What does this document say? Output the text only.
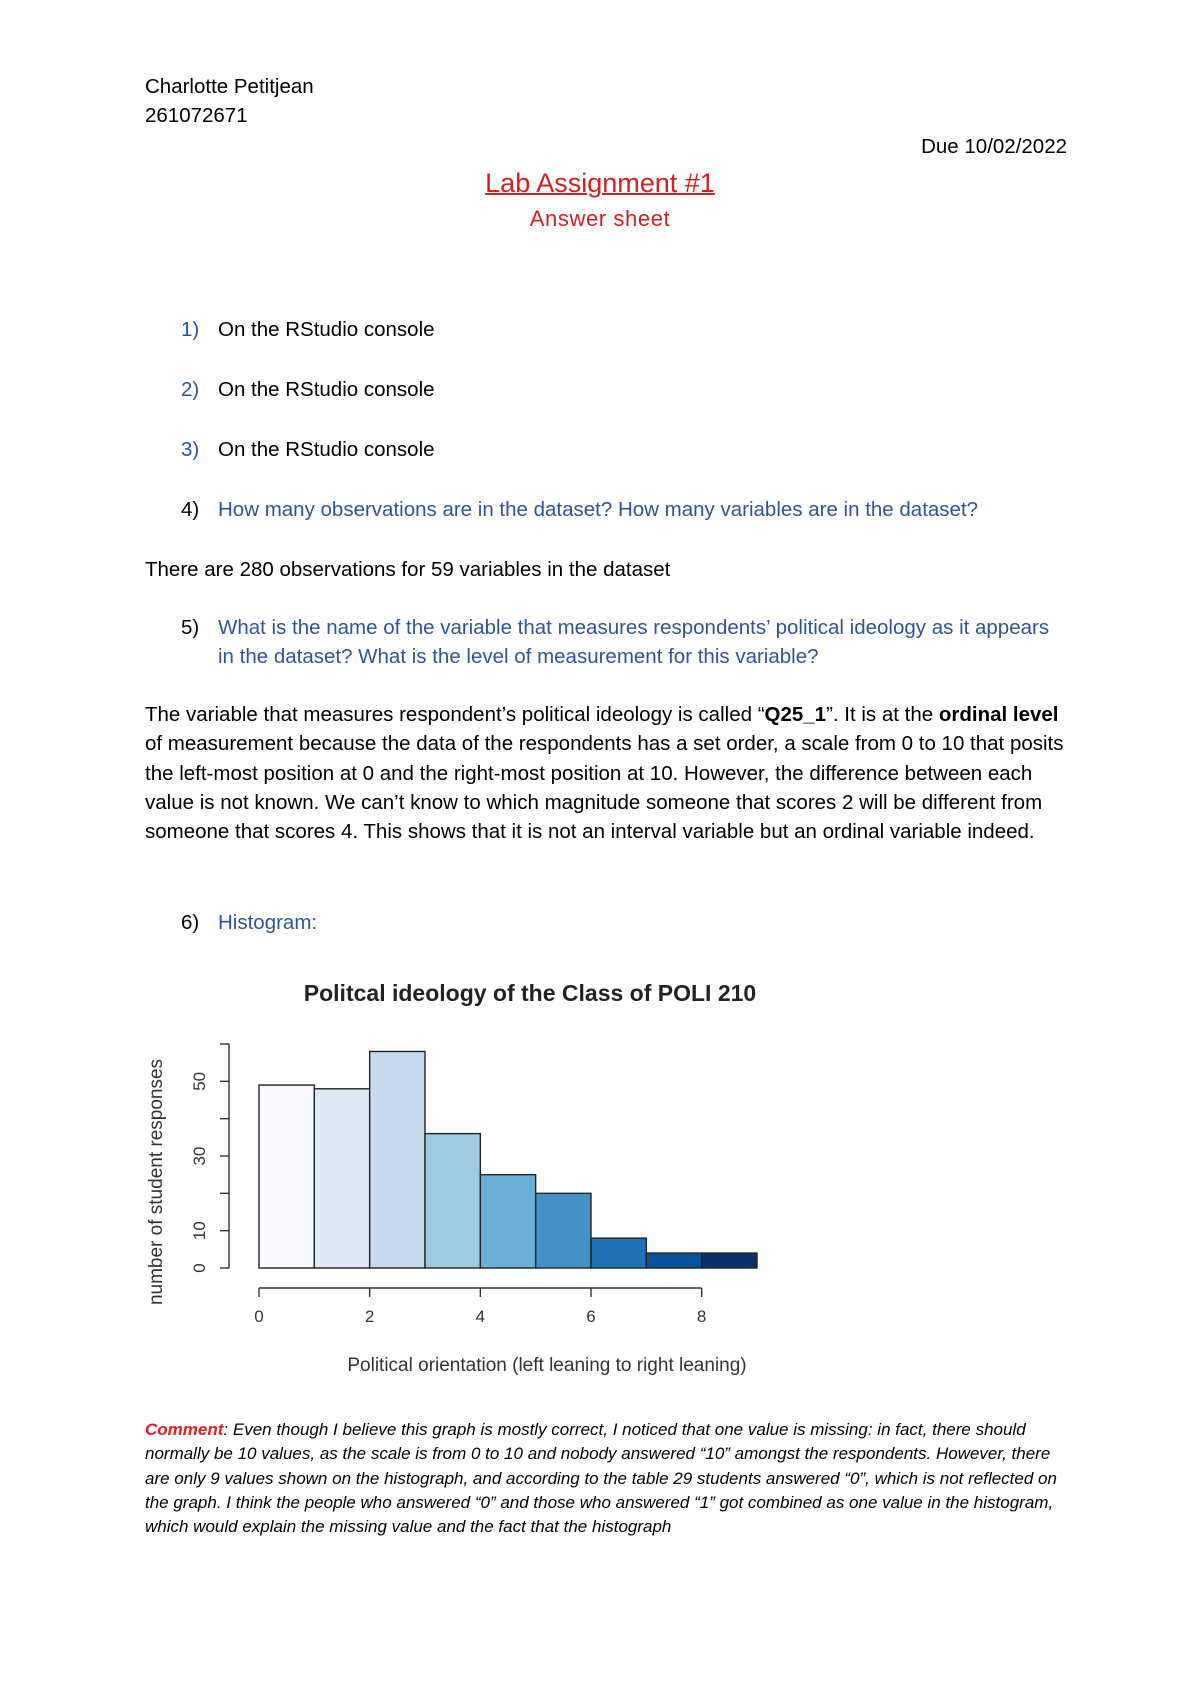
Charlotte Petitjean
261072671
Due 10/02/2022
Lab Assignment #1
Answer sheet
1) On the RStudio console
2) On the RStudio console
3) On the RStudio console
4) How many observations are in the dataset? How many variables are in the dataset?
There are 280 observations for 59 variables in the dataset
5) What is the name of the variable that measures respondents’ political ideology as it appears in the dataset? What is the level of measurement for this variable?
The variable that measures respondent’s political ideology is called “Q25_1”. It is at the ordinal level of measurement because the data of the respondents has a set order, a scale from 0 to 10 that posits the left-most position at 0 and the right-most position at 10. However, the difference between each value is not known. We can’t know to which magnitude someone that scores 2 will be different from someone that scores 4. This shows that it is not an interval variable but an ordinal variable indeed.
6) Histogram:
Politcal ideology of the Class of POLI 210
number of student responses
Political orientation (left leaning to right leaning)
0	2	4	6	8
0
10
30
50
Comment: Even though I believe this graph is mostly correct, I noticed that one value is missing: in fact, there should normally be 10 values, as the scale is from 0 to 10 and nobody answered “10” amongst the respondents. However, there are only 9 values shown on the histograph, and according to the table 29 students answered “0”, which is not reflected on the graph. I think the people who answered “0” and those who answered “1” got combined as one value in the histogram, which would explain the missing value and the fact that the histograph
